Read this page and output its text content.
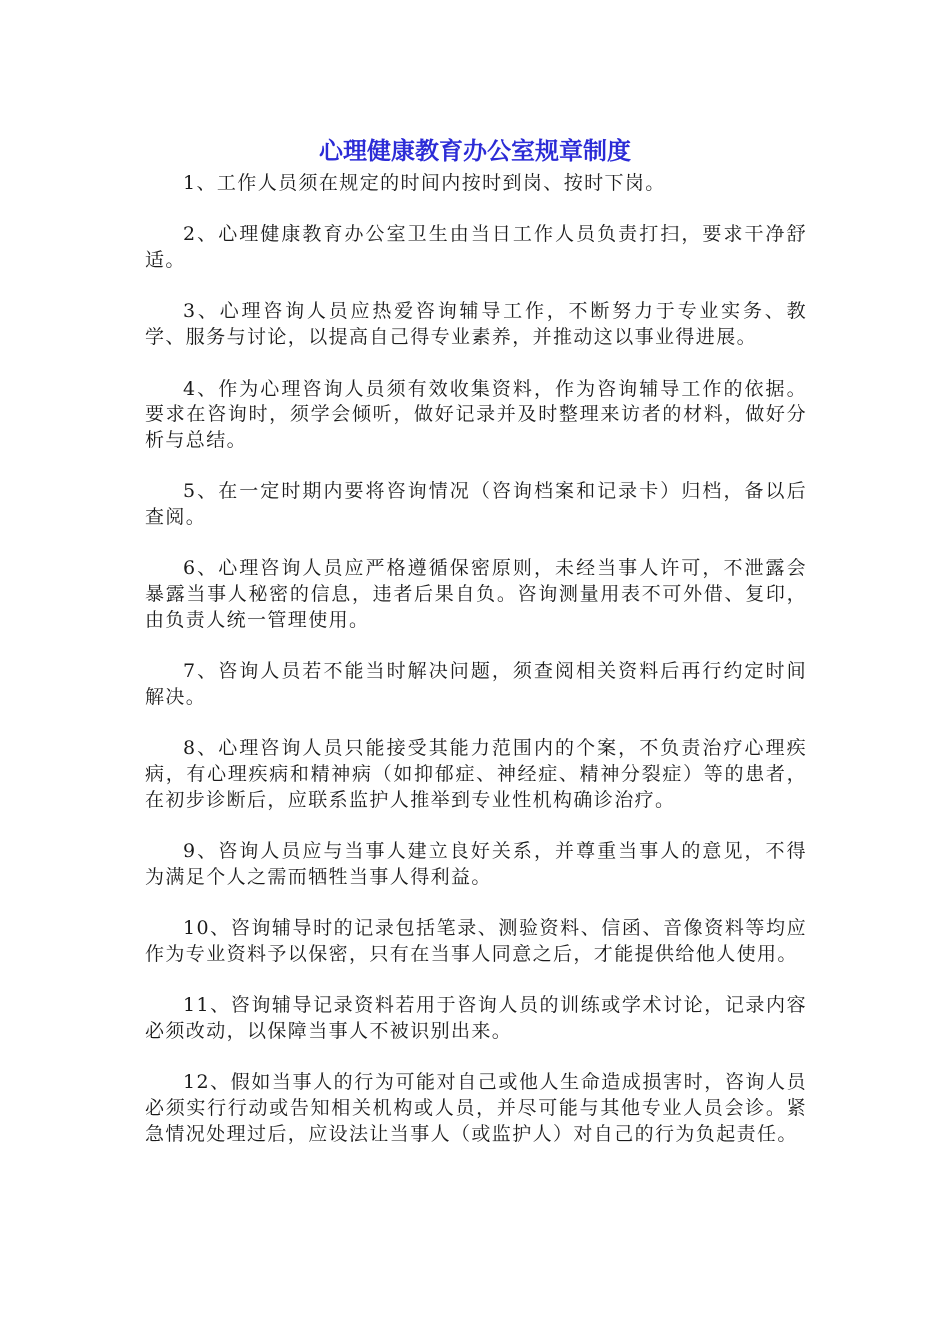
心理健康教育办公室规章制度

1、工作人员须在规定的时间内按时到岗、按时下岗。

2、心理健康教育办公室卫生由当日工作人员负责打扫，要求干净舒适。

3、心理咨询人员应热爱咨询辅导工作，不断努力于专业实务、教学、服务与讨论，以提高自己得专业素养，并推动这以事业得进展。

4、作为心理咨询人员须有效收集资料，作为咨询辅导工作的依据。要求在咨询时，须学会倾听，做好记录并及时整理来访者的材料，做好分析与总结。

5、在一定时期内要将咨询情况（咨询档案和记录卡）归档，备以后查阅。

6、心理咨询人员应严格遵循保密原则，未经当事人许可，不泄露会暴露当事人秘密的信息，违者后果自负。咨询测量用表不可外借、复印，由负责人统一管理使用。

7、咨询人员若不能当时解决问题，须查阅相关资料后再行约定时间解决。

8、心理咨询人员只能接受其能力范围内的个案，不负责治疗心理疾病，有心理疾病和精神病（如抑郁症、神经症、精神分裂症）等的患者，在初步诊断后，应联系监护人推举到专业性机构确诊治疗。

9、咨询人员应与当事人建立良好关系，并尊重当事人的意见，不得为满足个人之需而牺牲当事人得利益。

10、咨询辅导时的记录包括笔录、测验资料、信函、音像资料等均应作为专业资料予以保密，只有在当事人同意之后，才能提供给他人使用。

11、咨询辅导记录资料若用于咨询人员的训练或学术讨论，记录内容必须改动，以保障当事人不被识别出来。

12、假如当事人的行为可能对自己或他人生命造成损害时，咨询人员必须实行行动或告知相关机构或人员，并尽可能与其他专业人员会诊。紧急情况处理过后，应设法让当事人（或监护人）对自己的行为负起责任。
